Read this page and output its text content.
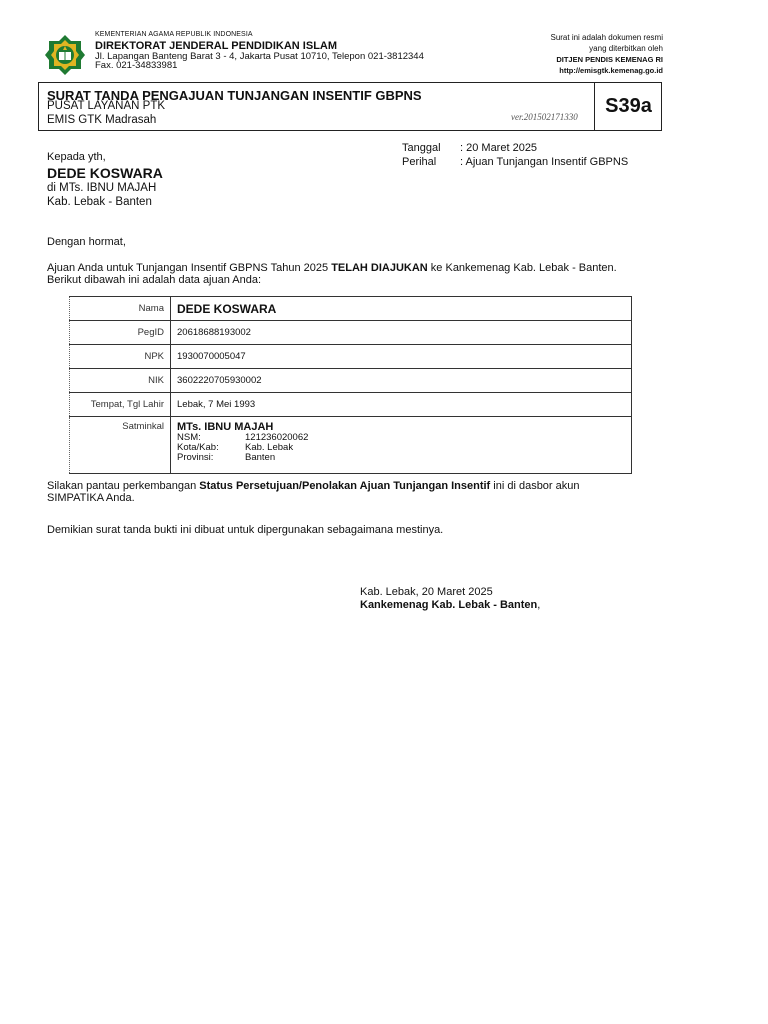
KEMENTERIAN AGAMA REPUBLIK INDONESIA
DIREKTORAT JENDERAL PENDIDIKAN ISLAM
Jl. Lapangan Banteng Barat 3 - 4, Jakarta Pusat 10710, Telepon 021-3812344
Fax. 021-34833981
Surat ini adalah dokumen resmi
yang diterbitkan oleh
DITJEN PENDIS KEMENAG RI
http://emisgtk.kemenag.go.id
SURAT TANDA PENGAJUAN TUNJANGAN INSENTIF GBPNS
PUSAT LAYANAN PTK
EMIS GTK Madrasah	ver.201502171330	S39a
Tanggal : 20 Maret 2025
Perihal : Ajuan Tunjangan Insentif GBPNS
Kepada yth,
DEDE KOSWARA
di MTs. IBNU MAJAH
Kab. Lebak - Banten
Dengan hormat,
Ajuan Anda untuk Tunjangan Insentif GBPNS Tahun 2025 TELAH DIAJUKAN ke Kankemenag Kab. Lebak - Banten.
Berikut dibawah ini adalah data ajuan Anda:
Nama	DEDE KOSWARA
PegID	20618688193002
NPK	1930070005047
NIK	3602220705930002
Tempat, Tgl Lahir	Lebak, 7 Mei 1993
Satminkal	MTs. IBNU MAJAH
NSM: 121236020062
Kota/Kab: Kab. Lebak
Provinsi: Banten
Silakan pantau perkembangan Status Persetujuan/Penolakan Ajuan Tunjangan Insentif ini di dasbor akun
SIMPATIKA Anda.
Demikian surat tanda bukti ini dibuat untuk dipergunakan sebagaimana mestinya.
Kab. Lebak, 20 Maret 2025
Kankemenag Kab. Lebak - Banten,
